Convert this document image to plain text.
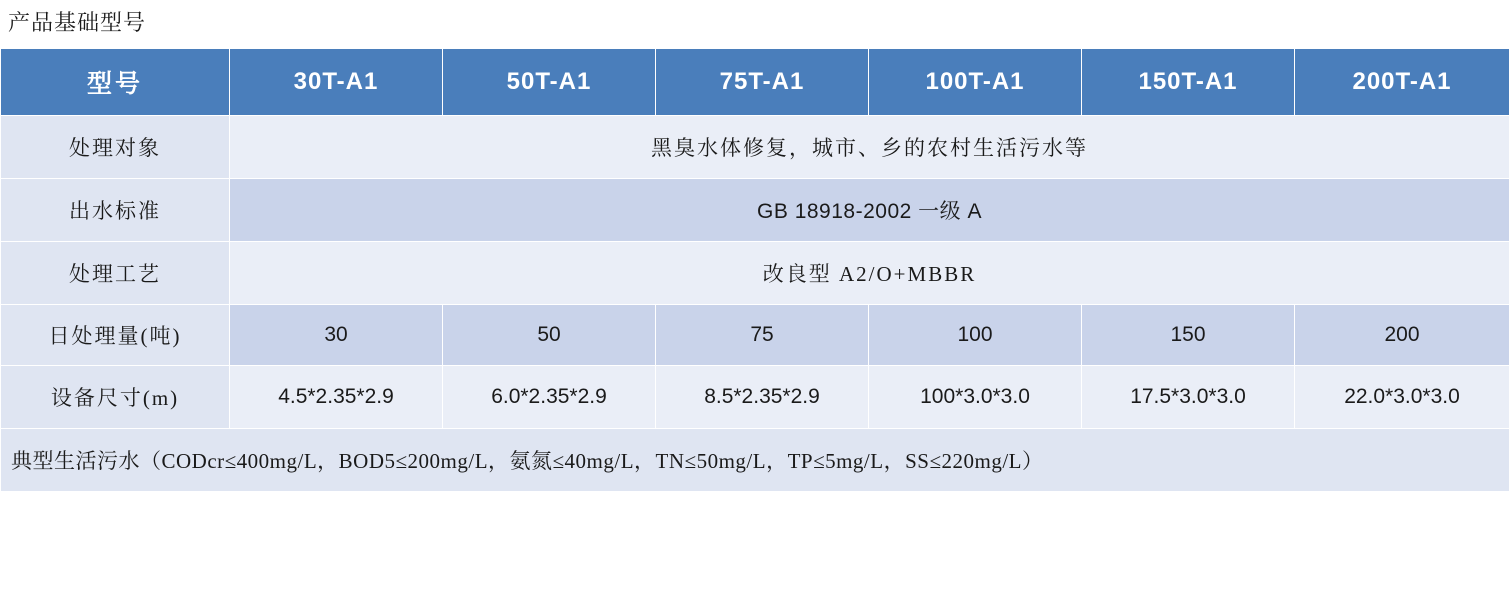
产品基础型号
型号	30T-A1	50T-A1	75T-A1	100T-A1	150T-A1	200T-A1
处理对象	黑臭水体修复，城市、乡的农村生活污水等					
出水标准	GB 18918-2002 一级 A					
处理工艺	改良型 A2/O+MBBR					
日处理量(吨)	30	50	75	100	150	200
设备尺寸(m)	4.5*2.35*2.9	6.0*2.35*2.9	8.5*2.35*2.9	100*3.0*3.0	17.5*3.0*3.0	22.0*3.0*3.0
典型生活污水（CODcr≤400mg/L，BOD5≤200mg/L，氨氮≤40mg/L，TN≤50mg/L，TP≤5mg/L，SS≤220mg/L）						
